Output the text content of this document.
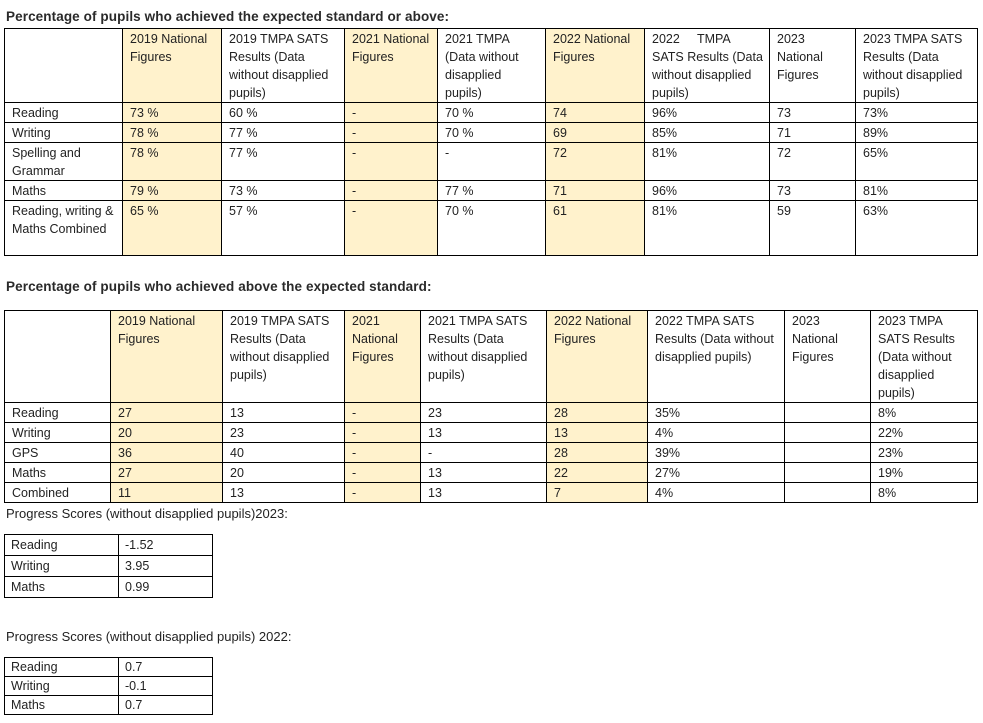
Percentage of pupils who achieved the expected standard or above:
	2019 National Figures	2019 TMPA SATS Results (Data without disapplied pupils)	2021 National Figures	2021 TMPA (Data without disapplied pupils)	2022 National Figures	2022     TMPA SATS Results (Data without disapplied pupils)	2023 National Figures	2023 TMPA SATS Results (Data without disapplied pupils)
Reading	73 %	60 %	-	70 %	74	96%	73	73%
Writing	78 %	77 %	-	70 %	69	85%	71	89%
Spelling and Grammar	78 %	77 %	-	-	72	81%	72	65%
Maths	79 %	73 %	-	77 %	71	96%	73	81%
Reading, writing & Maths Combined	65 %	57 %	-	70 %	61	81%	59	63%
Percentage of pupils who achieved above the expected standard:
	2019 National Figures	2019 TMPA SATS Results (Data without disapplied pupils)	2021 National Figures	2021 TMPA SATS Results (Data without disapplied pupils)	2022 National Figures	2022 TMPA SATS Results (Data without disapplied pupils)	2023 National Figures	2023 TMPA SATS Results (Data without disapplied pupils)
Reading	27	13	-	23	28	35%		8%
Writing	20	23	-	13	13	4%		22%
GPS	36	40	-	-	28	39%		23%
Maths	27	20	-	13	22	27%		19%
Combined	11	13	-	13	7	4%		8%
Progress Scores (without disapplied pupils)2023:
Reading	-1.52
Writing	3.95
Maths	0.99
Progress Scores (without disapplied pupils) 2022:
Reading	0.7
Writing	-0.1
Maths	0.7
